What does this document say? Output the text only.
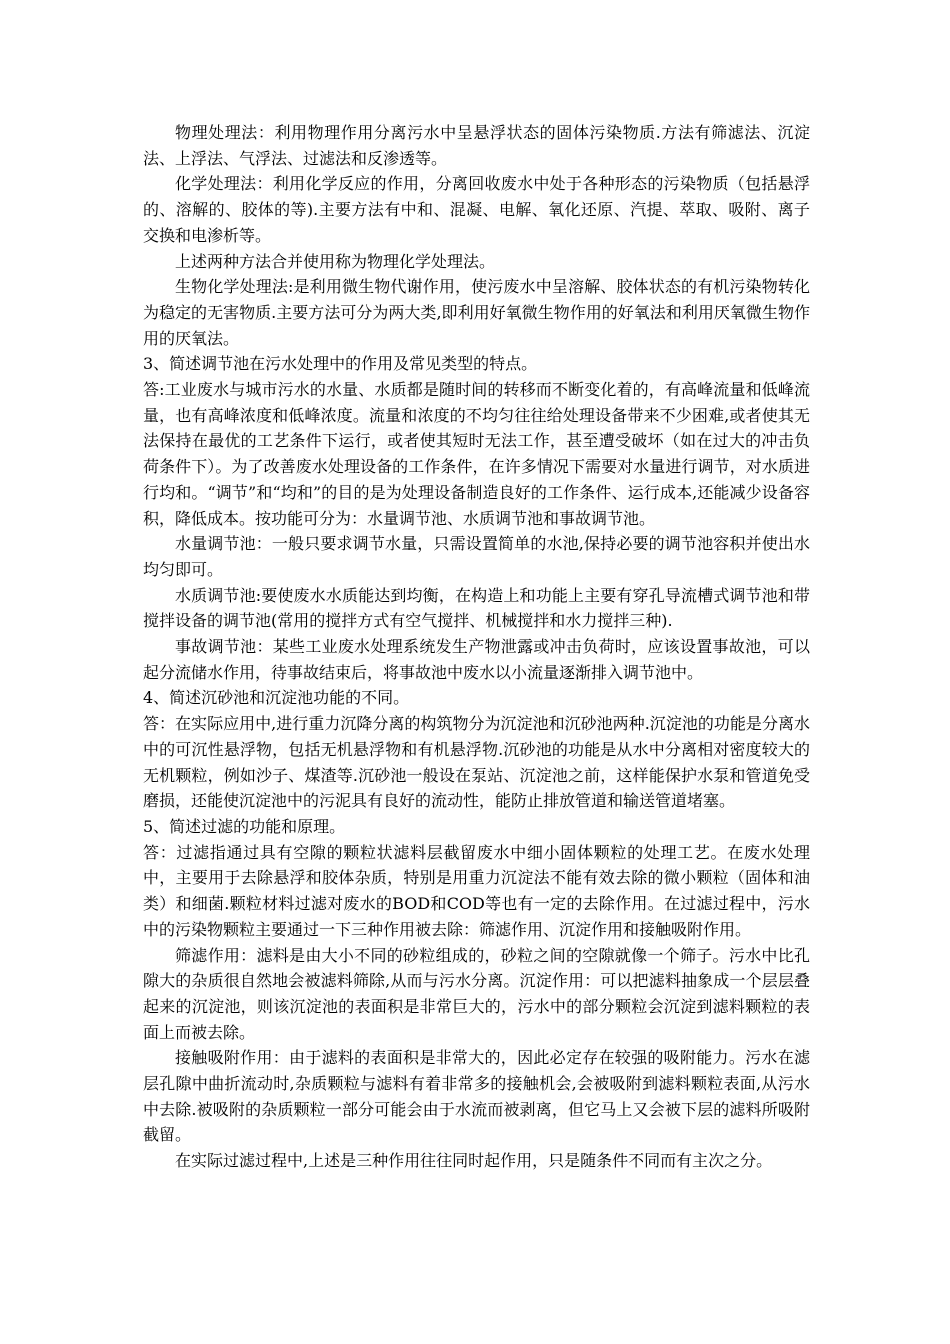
物理处理法：利用物理作用分离污水中呈悬浮状态的固体污染物质.方法有筛滤法、沉淀法、上浮法、气浮法、过滤法和反渗透等。

化学处理法：利用化学反应的作用，分离回收废水中处于各种形态的污染物质（包括悬浮的、溶解的、胶体的等).主要方法有中和、混凝、电解、氧化还原、汽提、萃取、吸附、离子交换和电渗析等。

上述两种方法合并使用称为物理化学处理法。

生物化学处理法:是利用微生物代谢作用，使污废水中呈溶解、胶体状态的有机污染物转化为稳定的无害物质.主要方法可分为两大类,即利用好氧微生物作用的好氧法和利用厌氧微生物作用的厌氧法。

3、简述调节池在污水处理中的作用及常见类型的特点。

答:工业废水与城市污水的水量、水质都是随时间的转移而不断变化着的，有高峰流量和低峰流量，也有高峰浓度和低峰浓度。流量和浓度的不均匀往往给处理设备带来不少困难,或者使其无法保持在最优的工艺条件下运行，或者使其短时无法工作，甚至遭受破坏（如在过大的冲击负荷条件下）。为了改善废水处理设备的工作条件，在许多情况下需要对水量进行调节，对水质进行均和。“调节”和“均和”的目的是为处理设备制造良好的工作条件、运行成本,还能减少设备容积，降低成本。按功能可分为：水量调节池、水质调节池和事故调节池。

水量调节池：一般只要求调节水量，只需设置简单的水池,保持必要的调节池容积并使出水均匀即可。

水质调节池:要使废水水质能达到均衡，在构造上和功能上主要有穿孔导流槽式调节池和带搅拌设备的调节池(常用的搅拌方式有空气搅拌、机械搅拌和水力搅拌三种).

事故调节池：某些工业废水处理系统发生产物泄露或冲击负荷时，应该设置事故池，可以起分流储水作用，待事故结束后，将事故池中废水以小流量逐渐排入调节池中。

4、简述沉砂池和沉淀池功能的不同。

答：在实际应用中,进行重力沉降分离的构筑物分为沉淀池和沉砂池两种.沉淀池的功能是分离水中的可沉性悬浮物，包括无机悬浮物和有机悬浮物.沉砂池的功能是从水中分离相对密度较大的无机颗粒，例如沙子、煤渣等.沉砂池一般设在泵站、沉淀池之前，这样能保护水泵和管道免受磨损，还能使沉淀池中的污泥具有良好的流动性，能防止排放管道和输送管道堵塞。

5、简述过滤的功能和原理。

答：过滤指通过具有空隙的颗粒状滤料层截留废水中细小固体颗粒的处理工艺。在废水处理中，主要用于去除悬浮和胶体杂质，特别是用重力沉淀法不能有效去除的微小颗粒（固体和油类）和细菌.颗粒材料过滤对废水的BOD和COD等也有一定的去除作用。在过滤过程中，污水中的污染物颗粒主要通过一下三种作用被去除：筛滤作用、沉淀作用和接触吸附作用。

筛滤作用：滤料是由大小不同的砂粒组成的，砂粒之间的空隙就像一个筛子。污水中比孔隙大的杂质很自然地会被滤料筛除,从而与污水分离。沉淀作用：可以把滤料抽象成一个层层叠起来的沉淀池，则该沉淀池的表面积是非常巨大的，污水中的部分颗粒会沉淀到滤料颗粒的表面上而被去除。

接触吸附作用：由于滤料的表面积是非常大的，因此必定存在较强的吸附能力。污水在滤层孔隙中曲折流动时,杂质颗粒与滤料有着非常多的接触机会,会被吸附到滤料颗粒表面,从污水中去除.被吸附的杂质颗粒一部分可能会由于水流而被剥离，但它马上又会被下层的滤料所吸附截留。

在实际过滤过程中,上述是三种作用往往同时起作用，只是随条件不同而有主次之分。
